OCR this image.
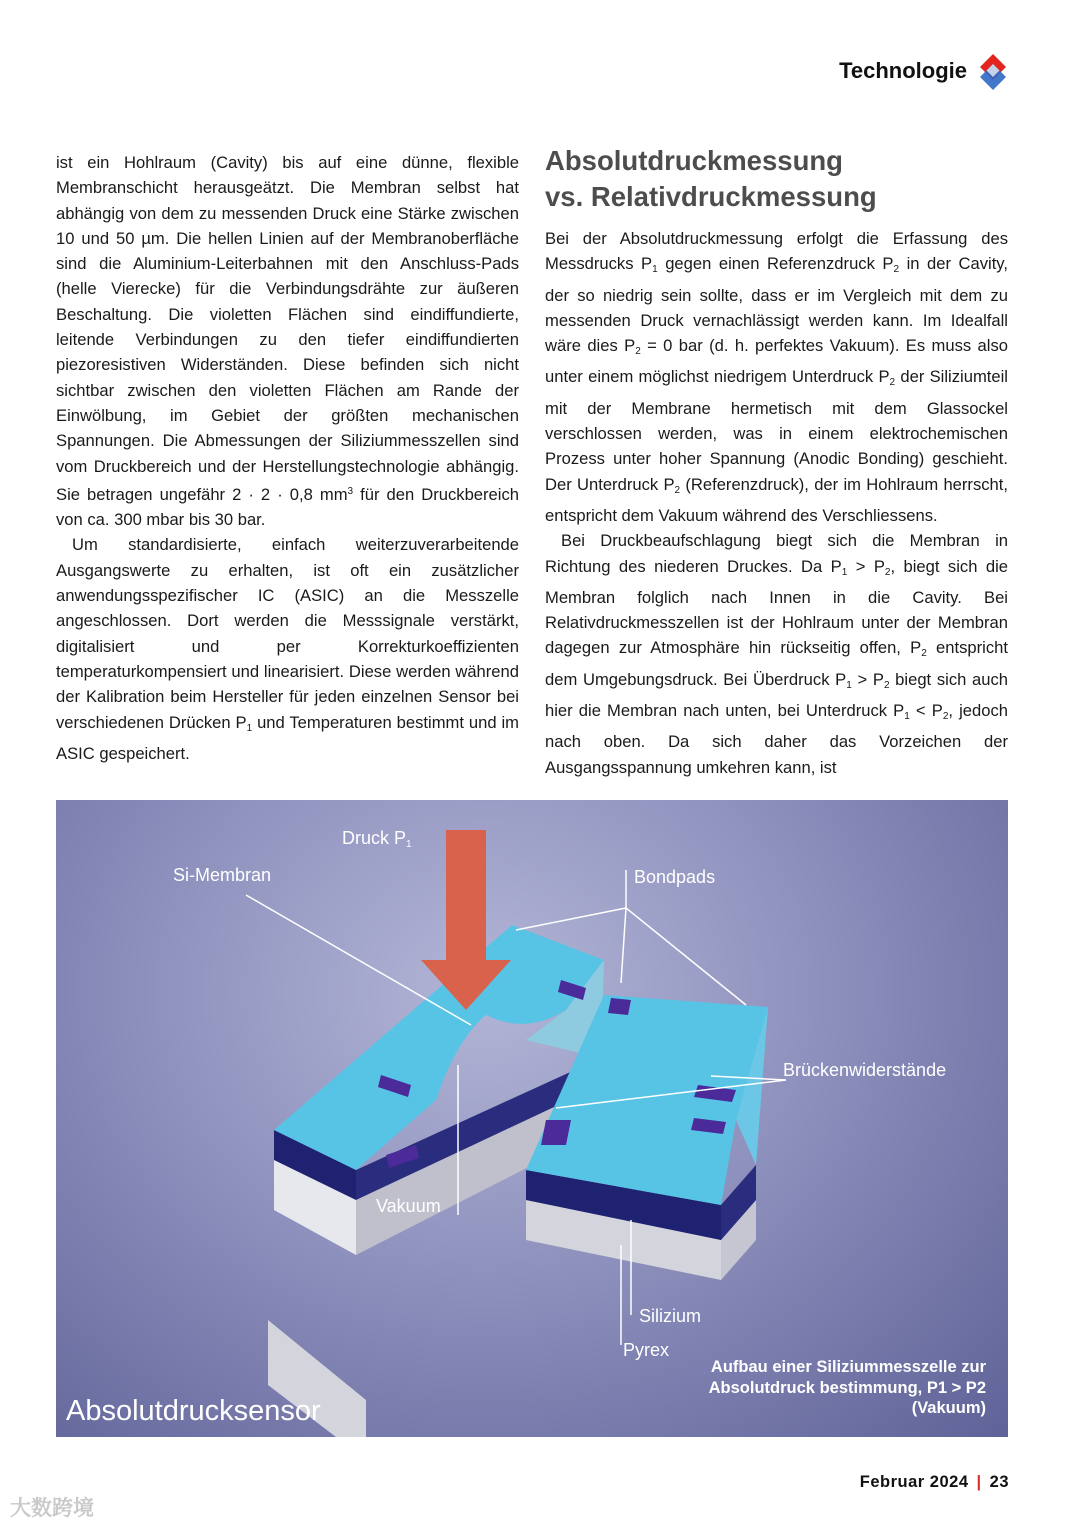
Technologie

ist ein Hohlraum (Cavity) bis auf eine dünne, flexible Membranschicht herausgeätzt. Die Membran selbst hat abhängig von dem zu messenden Druck eine Stärke zwischen 10 und 50 µm. Die hellen Linien auf der Membranoberfläche sind die Aluminium-Leiterbahnen mit den Anschluss-Pads (helle Vierecke) für die Verbindungsdrähte zur äußeren Beschaltung. Die violetten Flächen sind eindiffundierte, leitende Verbindungen zu den tiefer eindiffundierten piezoresistiven Widerständen. Diese befinden sich nicht sichtbar zwischen den violetten Flächen am Rande der Einwölbung, im Gebiet der größten mechanischen Spannungen. Die Abmessungen der Siliziummesszellen sind vom Druckbereich und der Herstellungstechnologie abhängig. Sie betragen ungefähr 2 · 2 · 0,8 $mm^3$ für den Druckbereich von ca. 300 mbar bis 30 bar.

Um standardisierte, einfach weiterzuverarbeitende Ausgangswerte zu erhalten, ist oft ein zusätzlicher anwendungsspezifischer IC (ASIC) an die Messzelle angeschlossen. Dort werden die Messsignale verstärkt, digitalisiert und per Korrekturkoeffizienten temperaturkompensiert und linearisiert. Diese werden während der Kalibration beim Hersteller für jeden einzelnen Sensor bei verschiedenen Drücken $P_1$ und Temperaturen bestimmt und im ASIC gespeichert.

Absolutdruckmessung
vs. Relativdruckmessung

Bei der Absolutdruckmessung erfolgt die Erfassung des Messdrucks $P_1$ gegen einen Referenzdruck $P_2$ in der Cavity, der so niedrig sein sollte, dass er im Vergleich mit dem zu messenden Druck vernachlässigt werden kann. Im Idealfall wäre dies $P_2 = 0$ bar (d. h. perfektes Vakuum). Es muss also unter einem möglichst niedrigem Unterdruck $P_2$ der Siliziumteil mit der Membrane hermetisch mit dem Glassockel verschlossen werden, was in einem elektrochemischen Prozess unter hoher Spannung (Anodic Bonding) geschieht. Der Unterdruck $P_2$ (Referenzdruck), der im Hohlraum herrscht, entspricht dem Vakuum während des Verschliessens.

Bei Druckbeaufschlagung biegt sich die Membran in Richtung des niederen Druckes. Da $P_1 > P_2$, biegt sich die Membran folglich nach Innen in die Cavity. Bei Relativdruckmesszellen ist der Hohlraum unter der Membran dagegen zur Atmosphäre hin rückseitig offen, $P_2$ entspricht dem Umgebungsdruck. Bei Überdruck $P_1 > P_2$ biegt sich auch hier die Membran nach unten, bei Unterdruck $P_1 < P_2$, jedoch nach oben. Da sich daher das Vorzeichen der Ausgangsspannung umkehren kann, ist

Druck $P_1$
Si-Membran	Bondpads
Brückenwiderstände
Vakuum
Silizium
Pyrex
Absolutdrucksensor
Aufbau einer Siliziummesszelle zur Absolutdruck bestimmung, P1 > P2 (Vakuum)
Februar 2024 | 23
大数跨境
